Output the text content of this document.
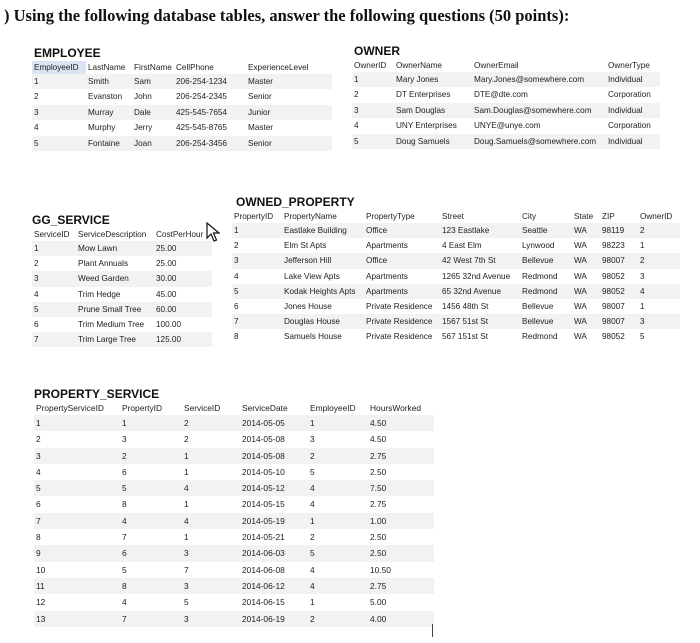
) Using the following database tables, answer the following questions (50 points):
EMPLOYEE
EmployeeID	LastName	FirstName	CellPhone	ExperienceLevel
1	Smith	Sam	206-254-1234	Master
2	Evanston	John	206-254-2345	Senior
3	Murray	Dale	425-545-7654	Junior
4	Murphy	Jerry	425-545-8765	Master
5	Fontaine	Joan	206-254-3456	Senior
OWNER
OwnerID	OwnerName	OwnerEmail	OwnerType
1	Mary Jones	Mary.Jones@somewhere.com	Individual
2	DT Enterprises	DTE@dte.com	Corporation
3	Sam Douglas	Sam.Douglas@somewhere.com	Individual
4	UNY Enterprises	UNYE@unye.com	Corporation
5	Doug Samuels	Doug.Samuels@somewhere.com	Individual
GG_SERVICE
ServiceID	ServiceDescription	CostPerHour
1	Mow Lawn	25.00
2	Plant Annuals	25.00
3	Weed Garden	30.00
4	Trim Hedge	45.00
5	Prune Small Tree	60.00
6	Trim Medium Tree	100.00
7	Trim Large Tree	125.00
OWNED_PROPERTY
PropertyID	PropertyName	PropertyType	Street	City	State	ZIP	OwnerID
1	Eastlake Building	Office	123 Eastlake	Seattle	WA	98119	2
2	Elm St Apts	Apartments	4 East Elm	Lynwood	WA	98223	1
3	Jefferson Hill	Office	42 West 7th St	Bellevue	WA	98007	2
4	Lake View Apts	Apartments	1265 32nd Avenue	Redmond	WA	98052	3
5	Kodak Heights Apts	Apartments	65 32nd Avenue	Redmond	WA	98052	4
6	Jones House	Private Residence	1456 48th St	Bellevue	WA	98007	1
7	Douglas House	Private Residence	1567 51st St	Bellevue	WA	98007	3
8	Samuels House	Private Residence	567 151st St	Redmond	WA	98052	5
PROPERTY_SERVICE
PropertyServiceID	PropertyID	ServiceID	ServiceDate	EmployeeID	HoursWorked
1	1	2	2014-05-05	1	4.50
2	3	2	2014-05-08	3	4.50
3	2	1	2014-05-08	2	2.75
4	6	1	2014-05-10	5	2.50
5	5	4	2014-05-12	4	7.50
6	8	1	2014-05-15	4	2.75
7	4	4	2014-05-19	1	1.00
8	7	1	2014-05-21	2	2.50
9	6	3	2014-06-03	5	2.50
10	5	7	2014-06-08	4	10.50
11	8	3	2014-06-12	4	2.75
12	4	5	2014-06-15	1	5.00
13	7	3	2014-06-19	2	4.00
